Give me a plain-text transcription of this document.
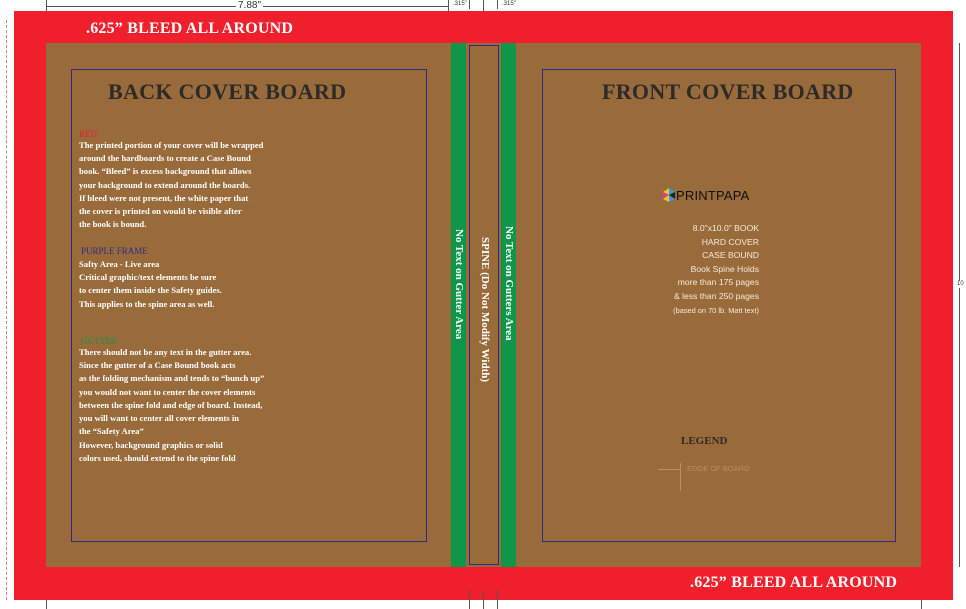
7.88"	.315"	.315"
10
.625” BLEED ALL AROUND
.625” BLEED ALL AROUND
BACK COVER BOARD
RED
The printed portion of your cover will be wrapped
around the hardboards to create a Case Bound
book. “Bleed” is excess background that allows
your background to extend around the boards.
If bleed were not present, the white paper that
the cover is printed on would be visible after
the book is bound.
PURPLE FRAME
Safty Area - Live area
Critical graphic/text elements be sure
to center them inside the Safety guides.
This applies to the spine area as well.
GUTTER
There should not be any text in the gutter area.
Since the gutter of a Case Bound book acts
as the folding mechanism and tends to “bunch up”
you would not want to center the cover elements
between the spine fold and edge of board. Instead,
you will want to center all cover elements in
the “Safety Area”
However, background graphics or solid
colors used, should extend to the spine fold
No Text on Gutter Area SPINE (Do Not Modify Width) No Text on Gutters Area
FRONT COVER BOARD
PRINTPAPA
8.0"x10.0" BOOK
HARD COVER
CASE BOUND
Book Spine Holds
more than 175 pages
& less than 250 pages
(based on 70 lb. Matt text)
LEGEND
EDGE OF BOARD
